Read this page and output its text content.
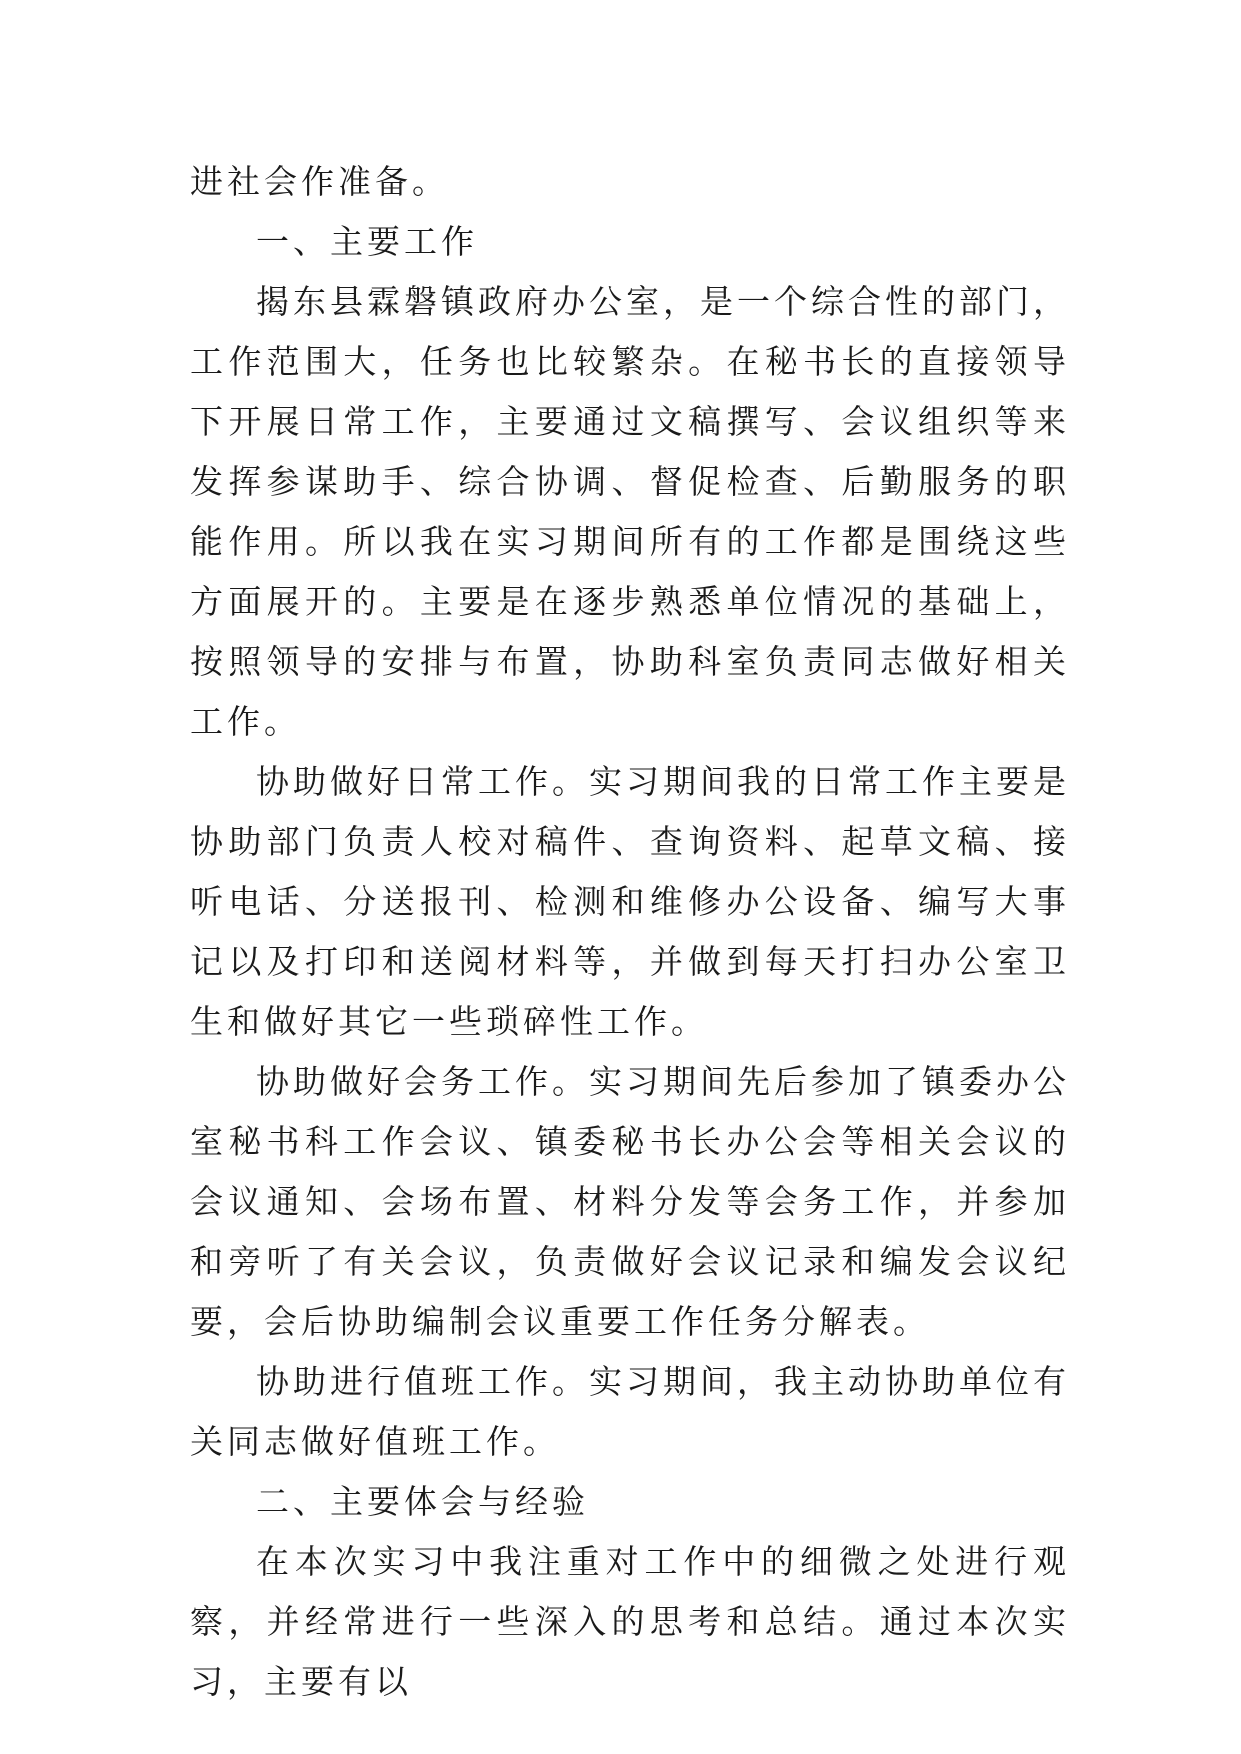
进社会作准备。

一、主要工作

揭东县霖磐镇政府办公室，是一个综合性的部门，工作范围大，任务也比较繁杂。在秘书长的直接领导下开展日常工作，主要通过文稿撰写、会议组织等来发挥参谋助手、综合协调、督促检查、后勤服务的职能作用。所以我在实习期间所有的工作都是围绕这些方面展开的。主要是在逐步熟悉单位情况的基础上，按照领导的安排与布置，协助科室负责同志做好相关工作。

协助做好日常工作。实习期间我的日常工作主要是协助部门负责人校对稿件、查询资料、起草文稿、接听电话、分送报刊、检测和维修办公设备、编写大事记以及打印和送阅材料等，并做到每天打扫办公室卫生和做好其它一些琐碎性工作。

协助做好会务工作。实习期间先后参加了镇委办公室秘书科工作会议、镇委秘书长办公会等相关会议的会议通知、会场布置、材料分发等会务工作，并参加和旁听了有关会议，负责做好会议记录和编发会议纪要，会后协助编制会议重要工作任务分解表。

协助进行值班工作。实习期间，我主动协助单位有关同志做好值班工作。

二、主要体会与经验

在本次实习中我注重对工作中的细微之处进行观察，并经常进行一些深入的思考和总结。通过本次实习，主要有以
